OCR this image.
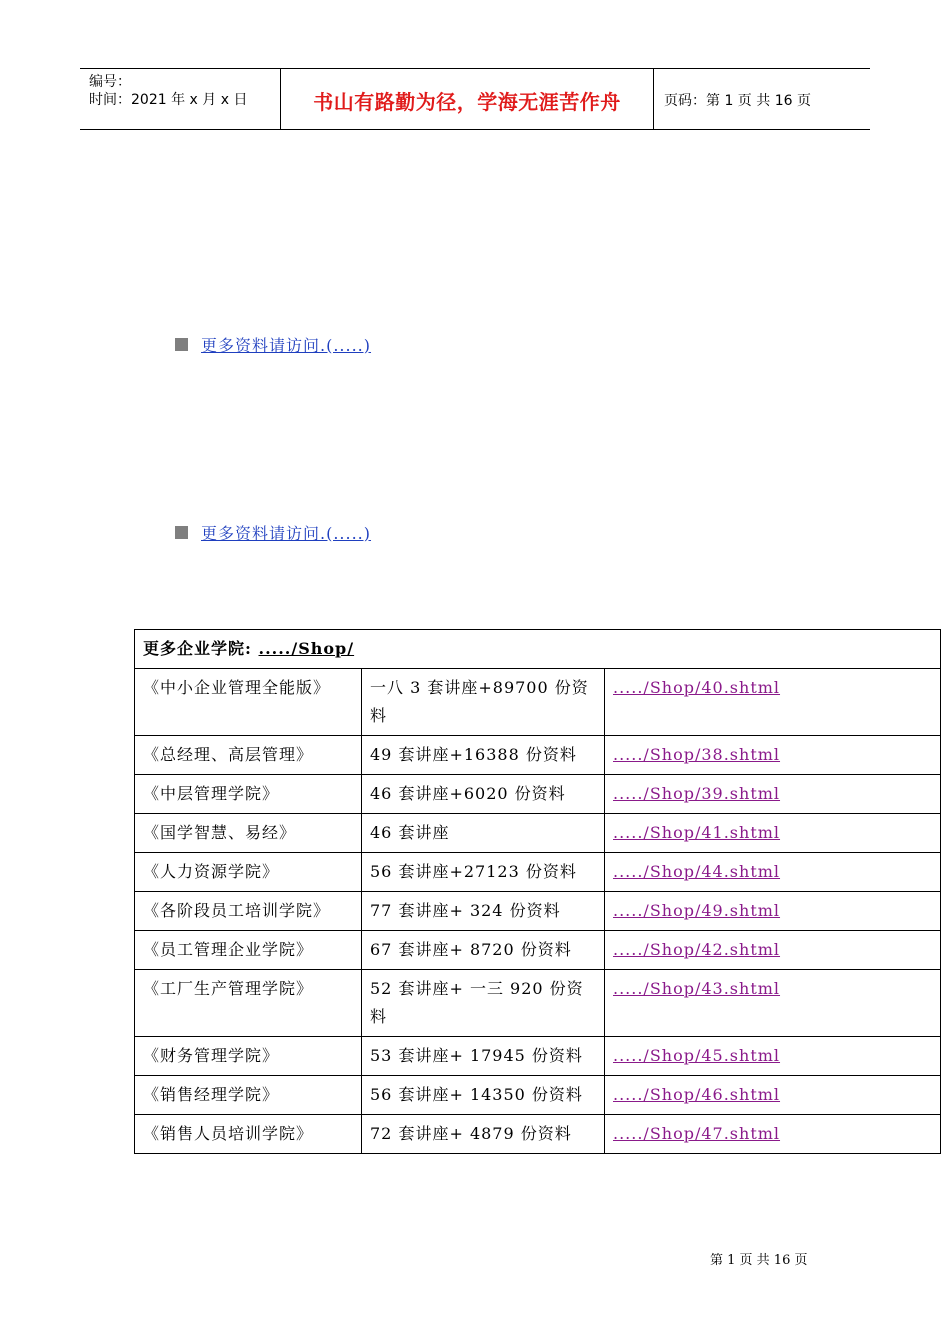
编号：
时间：2021 年 x 月 x 日	书山有路勤为径，学海无涯苦作舟	页码：第 1 页 共 16 页
更多资料请访问.(.....)
更多资料请访问.(.....)
更多企业学院: ...../Shop/		
《中小企业管理全能版》	一八 3 套讲座+89700 份资料	...../Shop/40.shtml
《总经理、高层管理》	49 套讲座+16388 份资料	...../Shop/38.shtml
《中层管理学院》	46 套讲座+6020 份资料	...../Shop/39.shtml
《国学智慧、易经》	46 套讲座	...../Shop/41.shtml
《人力资源学院》	56 套讲座+27123 份资料	...../Shop/44.shtml
《各阶段员工培训学院》	77 套讲座+ 324 份资料	...../Shop/49.shtml
《员工管理企业学院》	67 套讲座+ 8720 份资料	...../Shop/42.shtml
《工厂生产管理学院》	52 套讲座+ 一三 920 份资料	...../Shop/43.shtml
《财务管理学院》	53 套讲座+ 17945 份资料	...../Shop/45.shtml
《销售经理学院》	56 套讲座+ 14350 份资料	...../Shop/46.shtml
《销售人员培训学院》	72 套讲座+ 4879 份资料	...../Shop/47.shtml
第 1 页 共 16 页
